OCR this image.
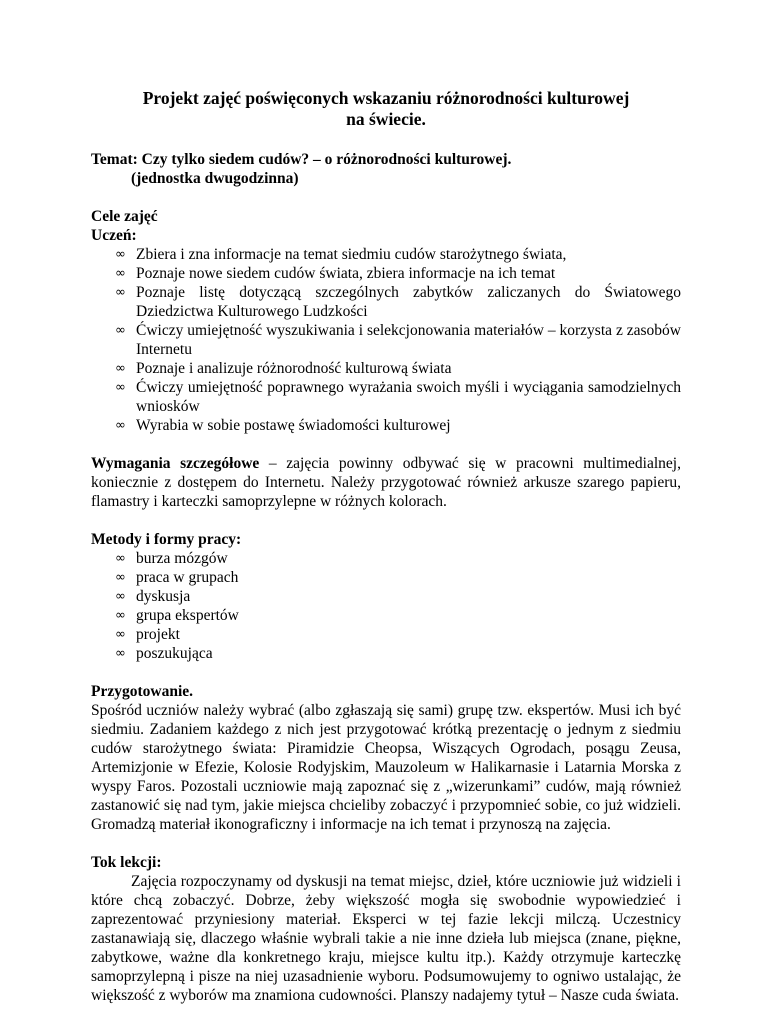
Projekt zajęć poświęconych wskazaniu różnorodności kulturowej
na świecie.
Temat: Czy tylko siedem cudów? – o różnorodności kulturowej.
(jednostka dwugodzinna)
Cele zajęć
Uczeń:
∞ Zbiera i zna informacje na temat siedmiu cudów starożytnego świata,
∞ Poznaje nowe siedem cudów świata, zbiera informacje na ich temat
∞ Poznaje listę dotyczącą szczególnych zabytków zaliczanych do Światowego Dziedzictwa Kulturowego Ludzkości
∞ Ćwiczy umiejętność wyszukiwania i selekcjonowania materiałów – korzysta z zasobów Internetu
∞ Poznaje i analizuje różnorodność kulturową świata
∞ Ćwiczy umiejętność poprawnego wyrażania swoich myśli i wyciągania samodzielnych wniosków
∞ Wyrabia w sobie postawę świadomości kulturowej
Wymagania szczegółowe – zajęcia powinny odbywać się w pracowni multimedialnej, koniecznie z dostępem do Internetu. Należy przygotować również arkusze szarego papieru, flamastry i karteczki samoprzylepne w różnych kolorach.
Metody i formy pracy:
∞ burza mózgów
∞ praca w grupach
∞ dyskusja
∞ grupa ekspertów
∞ projekt
∞ poszukująca
Przygotowanie.
Spośród uczniów należy wybrać (albo zgłaszają się sami) grupę tzw. ekspertów. Musi ich być siedmiu. Zadaniem każdego z nich jest przygotować krótką prezentację o jednym z siedmiu cudów starożytnego świata: Piramidzie Cheopsa, Wiszących Ogrodach, posągu Zeusa, Artemizjonie w Efezie, Kolosie Rodyjskim, Mauzoleum w Halikarnasie i Latarnia Morska z wyspy Faros. Pozostali uczniowie mają zapoznać się z „wizerunkami” cudów, mają również zastanowić się nad tym, jakie miejsca chcieliby zobaczyć i przypomnieć sobie, co już widzieli. Gromadzą materiał ikonograficzny i informacje na ich temat i przynoszą na zajęcia.
Tok lekcji:
Zajęcia rozpoczynamy od dyskusji na temat miejsc, dzieł, które uczniowie już widzieli i które chcą zobaczyć. Dobrze, żeby większość mogła się swobodnie wypowiedzieć i zaprezentować przyniesiony materiał. Eksperci w tej fazie lekcji milczą. Uczestnicy zastanawiają się, dlaczego właśnie wybrali takie a nie inne dzieła lub miejsca (znane, piękne, zabytkowe, ważne dla konkretnego kraju, miejsce kultu itp.). Każdy otrzymuje karteczkę samoprzylepną i pisze na niej uzasadnienie wyboru. Podsumowujemy to ogniwo ustalając, że większość z wyborów ma znamiona cudowności. Planszy nadajemy tytuł – Nasze cuda świata.
